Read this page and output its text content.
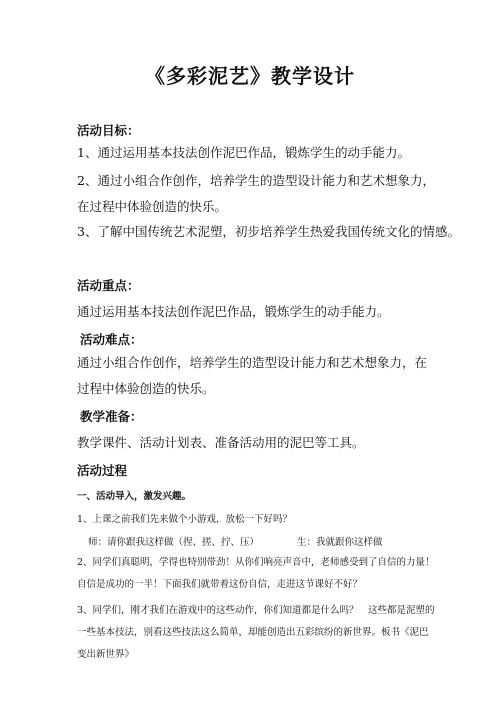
《多彩泥艺》教学设计
活动目标：
1、通过运用基本技法创作泥巴作品，锻炼学生的动手能力。
2、通过小组合作创作，培养学生的造型设计能力和艺术想象力，在过程中体验创造的快乐。
3、了解中国传统艺术泥塑，初步培养学生热爱我国传统文化的情感。
活动重点：
通过运用基本技法创作泥巴作品，锻炼学生的动手能力。
活动难点：
通过小组合作创作，培养学生的造型设计能力和艺术想象力，在过程中体验创造的快乐。
教学准备：
教学课件、活动计划表、准备活动用的泥巴等工具。
活动过程
一、活动导入，激发兴趣。
1、上课之前我们先来做个小游戏，放松一下好吗？
师：请你跟我这样做（捏、搓、拧、压）	生：我就跟你这样做
2、同学们真聪明，学得也特别带劲！从你们响亮声音中，老师感受到了自信的力量！自信是成功的一半！下面我们就带着这份自信，走进这节课好不好？
3、同学们，刚才我们在游戏中的这些动作，你们知道都是什么吗？　这些都是泥塑的一些基本技法，别看这些技法这么简单，却能创造出五彩缤纷的新世界。板书《泥巴变出新世界》
